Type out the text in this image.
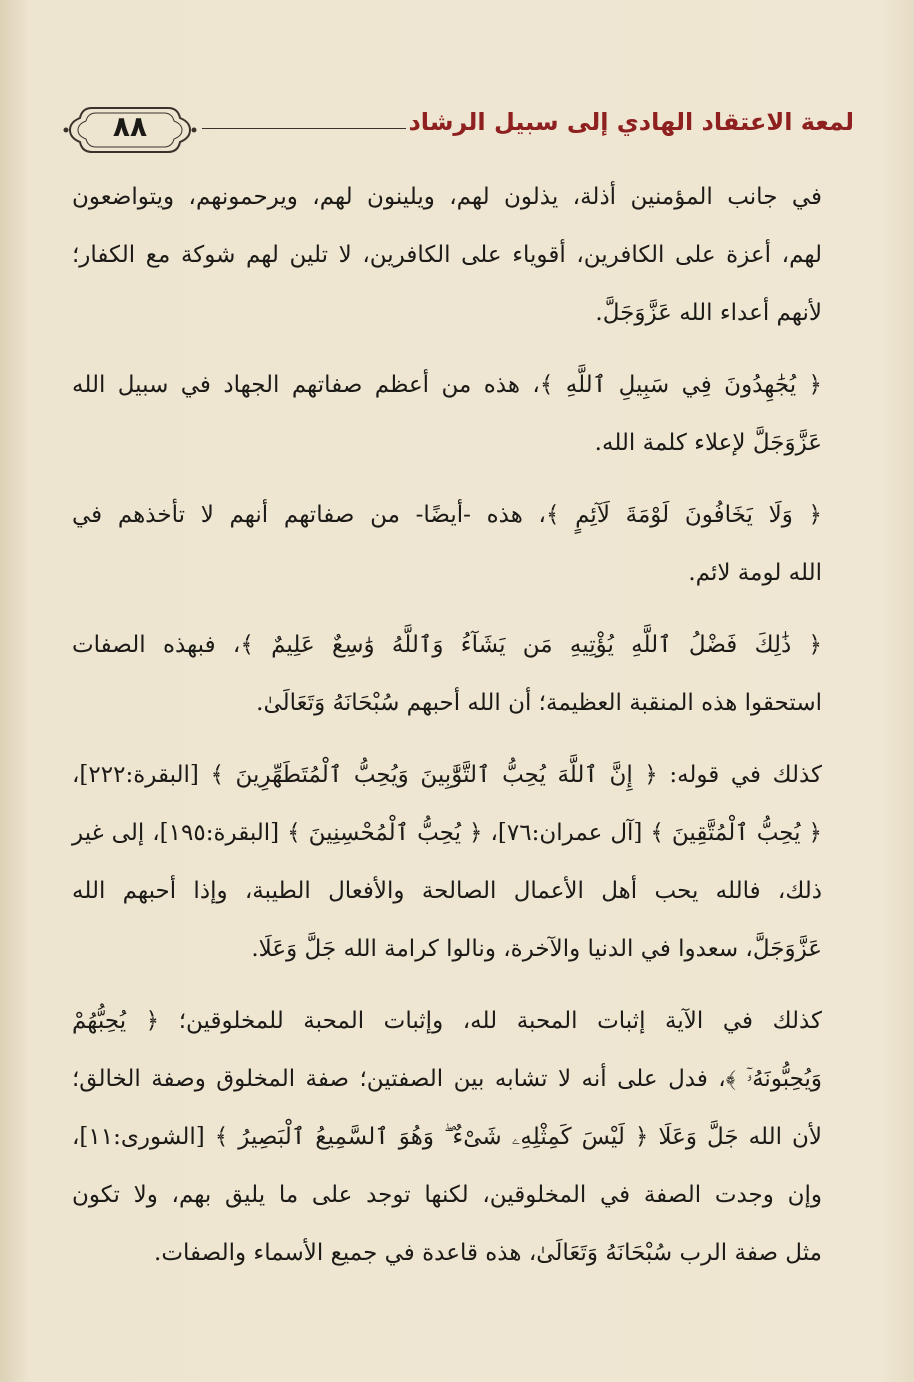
٨٨	لمعة الاعتقاد الهادي إلى سبيل الرشاد
في جانب المؤمنين أذلة، يذلون لهم، ويلينون لهم، ويرحمونهم، ويتواضعون
لهم، أعزة على الكافرين، أقوياء على الكافرين، لا تلين لهم شوكة مع الكفار؛
لأنهم أعداء الله عَزَّوَجَلَّ.
﴿ يُجَٰهِدُونَ فِي سَبِيلِ ٱللَّهِ ﴾، هذه من أعظم صفاتهم الجهاد في سبيل الله
عَزَّوَجَلَّ لإعلاء كلمة الله.
﴿ وَلَا يَخَافُونَ لَوْمَةَ لَآئِمٍ ﴾، هذه -أيضًا- من صفاتهم أنهم لا تأخذهم في
الله لومة لائم.
﴿ ذَٰلِكَ فَضْلُ ٱللَّهِ يُؤْتِيهِ مَن يَشَآءُ وَٱللَّهُ وَٰسِعٌ عَلِيمٌ ﴾، فبهذه الصفات
استحقوا هذه المنقبة العظيمة؛ أن الله أحبهم سُبْحَانَهُ وَتَعَالَىٰ.
كذلك في قوله: ﴿ إِنَّ ٱللَّهَ يُحِبُّ ٱلتَّوَّٰبِينَ وَيُحِبُّ ٱلْمُتَطَهِّرِينَ ﴾ [البقرة:٢٢٢]،
﴿ يُحِبُّ ٱلْمُتَّقِينَ ﴾ [آل عمران:٧٦]، ﴿ يُحِبُّ ٱلْمُحْسِنِينَ ﴾ [البقرة:١٩٥]، إلى غير
ذلك، فالله يحب أهل الأعمال الصالحة والأفعال الطيبة، وإذا أحبهم الله
عَزَّوَجَلَّ، سعدوا في الدنيا والآخرة، ونالوا كرامة الله جَلَّ وَعَلَا.
كذلك في الآية إثبات المحبة لله، وإثبات المحبة للمخلوقين؛ ﴿ يُحِبُّهُمْ
وَيُحِبُّونَهُۥٓ ﴾، فدل على أنه لا تشابه بين الصفتين؛ صفة المخلوق وصفة الخالق؛
لأن الله جَلَّ وَعَلَا ﴿ لَيْسَ كَمِثْلِهِۦ شَىْءٌ ۖ وَهُوَ ٱلسَّمِيعُ ٱلْبَصِيرُ ﴾ [الشورى:١١]،
وإن وجدت الصفة في المخلوقين، لكنها توجد على ما يليق بهم، ولا تكون
مثل صفة الرب سُبْحَانَهُ وَتَعَالَىٰ، هذه قاعدة في جميع الأسماء والصفات.
